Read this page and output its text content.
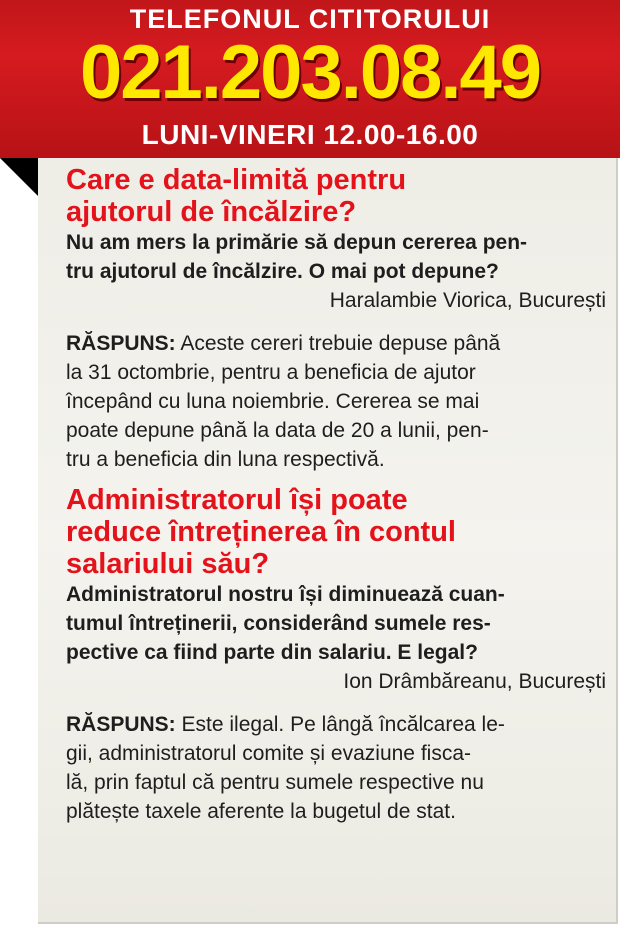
TELEFONUL CITITORULUI
021.203.08.49
LUNI-VINERI 12.00-16.00

Care e data-limită pentru
ajutorul de încălzire?

Nu am mers la primărie să depun cererea pen-
tru ajutorul de încălzire. O mai pot depune?

Haralambie Viorica, București

RĂSPUNS: Aceste cereri trebuie depuse până
la 31 octombrie, pentru a beneficia de ajutor
începând cu luna noiembrie. Cererea se mai
poate depune până la data de 20 a lunii, pen-
tru a beneficia din luna respectivă.

Administratorul își poate
reduce întreținerea în contul
salariului său?

Administratorul nostru își diminuează cuan-
tumul întreținerii, considerând sumele res-
pective ca fiind parte din salariu. E legal?

Ion Drâmbăreanu, București

RĂSPUNS: Este ilegal. Pe lângă încălcarea le-
gii, administratorul comite și evaziune fisca-
lă, prin faptul că pentru sumele respective nu
plătește taxele aferente la bugetul de stat.
